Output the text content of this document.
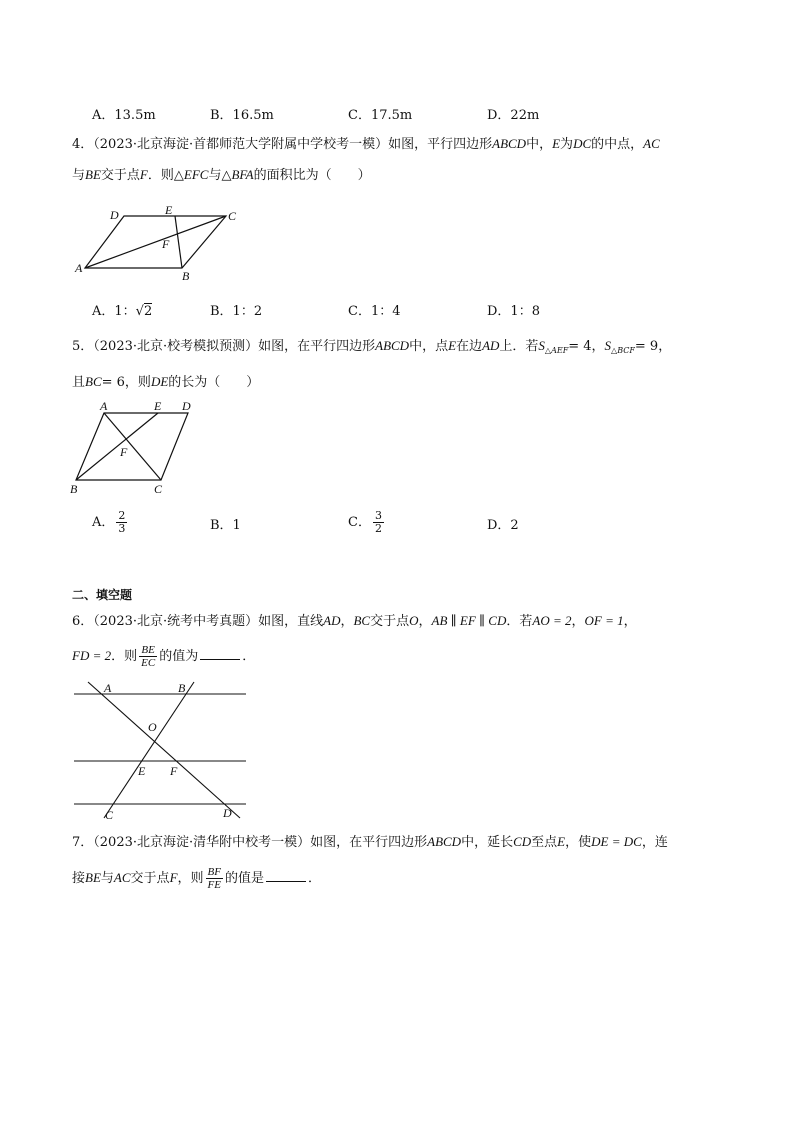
A．13.5m	B．16.5m	C．17.5m	D．22m
4．（2023·北京海淀·首都师范大学附属中学校考一模）如图，平行四边形ABCD中，E为DC的中点，AC
与BE交于点F．则△EFC与△BFA的面积比为（　　）
A
B
C
D	E
F
A．1：√2	B．1：2	C．1：4	D．1：8
5．（2023·北京·校考模拟预测）如图，在平行四边形ABCD中，点E在边AD上．若$S_{\triangle AEF}= 4$，$S_{\triangle BCF}= 9$，
且BC= 6，则DE的长为（　　）
A	E D
F
B	C
A． $\frac{2}{3}$	B．1	C． $\frac{3}{2}$	D．2
二、填空题
6．（2023·北京·统考中考真题）如图，直线AD，BC交于点O，AB ∥ EF ∥ CD．若AO = 2，OF = 1，
FD = 2．则 $\frac{BE}{EC}$ 的值为	．
A	B
O
E F
C	D
7．（2023·北京海淀·清华附中校考一模）如图，在平行四边形ABCD中，延长CD至点E，使DE = DC，连
接BE与AC交于点F，则 $\frac{BF}{FE}$ 的值是	．
